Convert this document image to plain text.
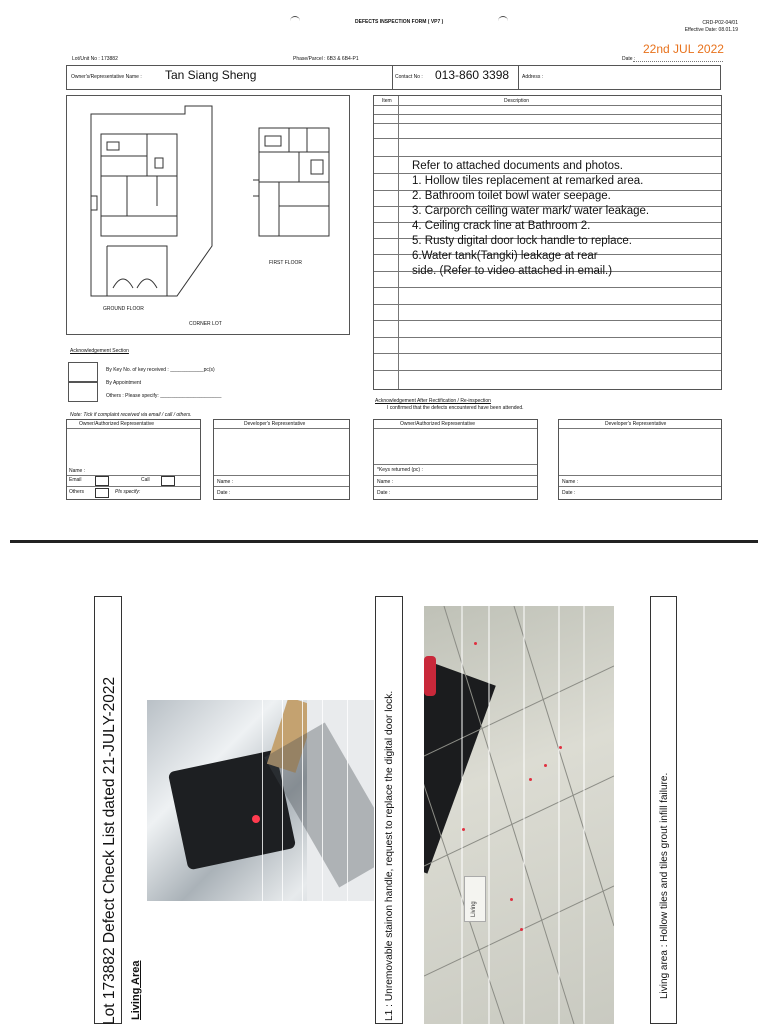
DEFECTS INSPECTION FORM ( VP7 )	CRD-P02-04/01
Effective Date: 08.01.19
22nd JUL 2022
Date :
Lot/Unit No : 173882	Phase/Parcel : 6B3 & 6B4-P1
Owner's/Representative Name : Tan Siang Sheng	Contact No : 013-860 3398	Address :
GROUND FLOOR
CORNER LOT
FIRST FLOOR
Item	Description
Refer to attached documents and photos.
1. Hollow tiles replacement at remarked area.
2. Bathroom toilet bowl water seepage.
3. Carporch ceiling water mark/ water leakage.
4. Ceiling crack line at Bathroom 2.
5. Rusty digital door lock handle to replace.
6.Water tank(Tangki) leakage at rear
side. (Refer to video attached in email.)
Acknowledgement Section
By Key No. of key received : ____________pc(s)
By Appointment
Others : Please specify: ______________________
Acknowledgement After Rectification / Re-inspection
I confirmed that the defects encountered have been attended.
Note: Tick if complaint received via email / call / others.
Owner/Authorized Representative
Name :
Email	Call
Others	Pls specify:
Developer's Representative
Name :
Date :
Owner/Authorized Representative
*Keys returned (pc) :
Name :
Date :
Developer's Representative
Name :
Date :
Lot 173882 Defect Check List dated 21-JULY-2022 Living Area	L1 : Unremovable stainon handle, request to replace the digital door lock.	Living	Living area : Hollow tiles and tiles grout infill failure.
